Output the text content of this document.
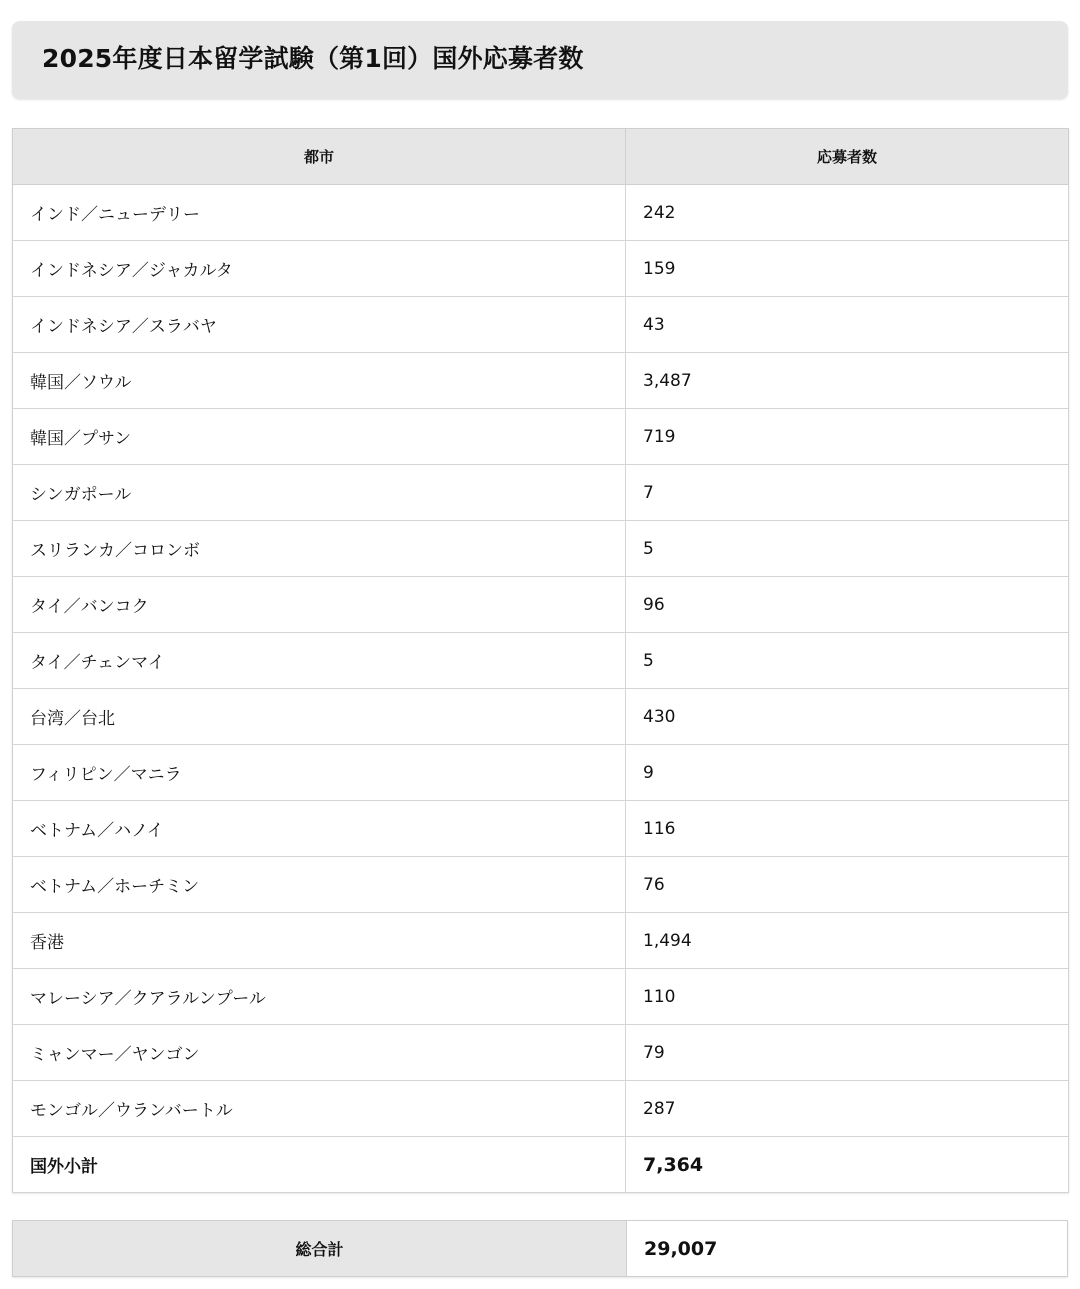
2025年度日本留学試験（第1回）国外応募者数
都市	応募者数
インド／ニューデリー	242
インドネシア／ジャカルタ	159
インドネシア／スラバヤ	43
韓国／ソウル	3,487
韓国／プサン	719
シンガポール	7
スリランカ／コロンボ	5
タイ／バンコク	96
タイ／チェンマイ	5
台湾／台北	430
フィリピン／マニラ	9
ベトナム／ハノイ	116
ベトナム／ホーチミン	76
香港	1,494
マレーシア／クアラルンプール	110
ミャンマー／ヤンゴン	79
モンゴル／ウランバートル	287
国外小計	7,364
総合計	29,007
